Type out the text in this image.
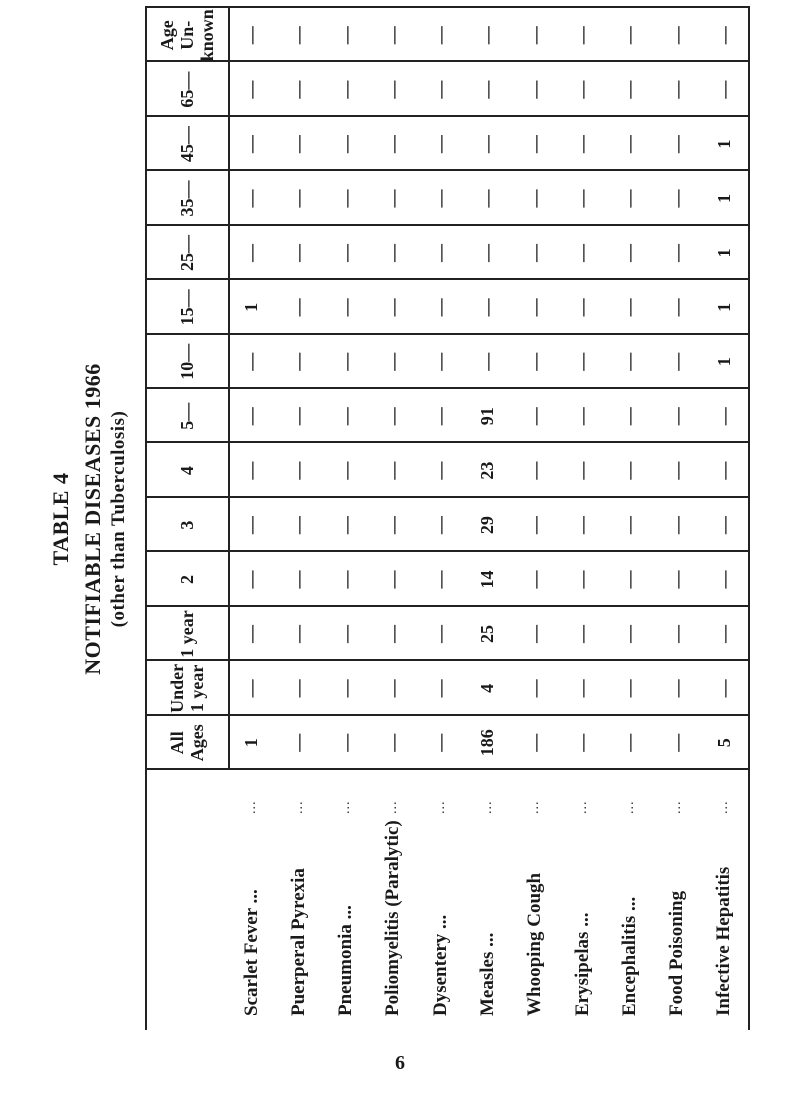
TABLE 4 NOTIFIABLE DISEASES 1966 (other than Tuberculosis)
All Ages
Under 1 year
1 year
2
3
4
5—
10—
15—
25—
35—
45—
65—
Age Un-known
Scarlet Fever ...
...
1
—
—
—
—
—
—
—
1
—
—
—
—
—
Puerperal Pyrexia
...
—
—
—
—
—
—
—
—
—
—
—
—
—
—
Pneumonia ...
...
—
—
—
—
—
—
—
—
—
—
—
—
—
—
Poliomyelitis (Paralytic)
...
—
—
—
—
—
—
—
—
—
—
—
—
—
—
Dysentery ...
...
—
—
—
—
—
—
—
—
—
—
—
—
—
—
Measles ...
...
186
4
25
14
29
23
91
—
—
—
—
—
—
—
Whooping Cough
...
—
—
—
—
—
—
—
—
—
—
—
—
—
—
Erysipelas ...
...
—
—
—
—
—
—
—
—
—
—
—
—
—
—
Encephalitis ...
...
—
—
—
—
—
—
—
—
—
—
—
—
—
—
Food Poisoning
...
—
—
—
—
—
—
—
—
—
—
—
—
—
—
Infective Hepatitis
...
5
—
—
—
—
—
—
1
1
1
1
1
—
—
6
